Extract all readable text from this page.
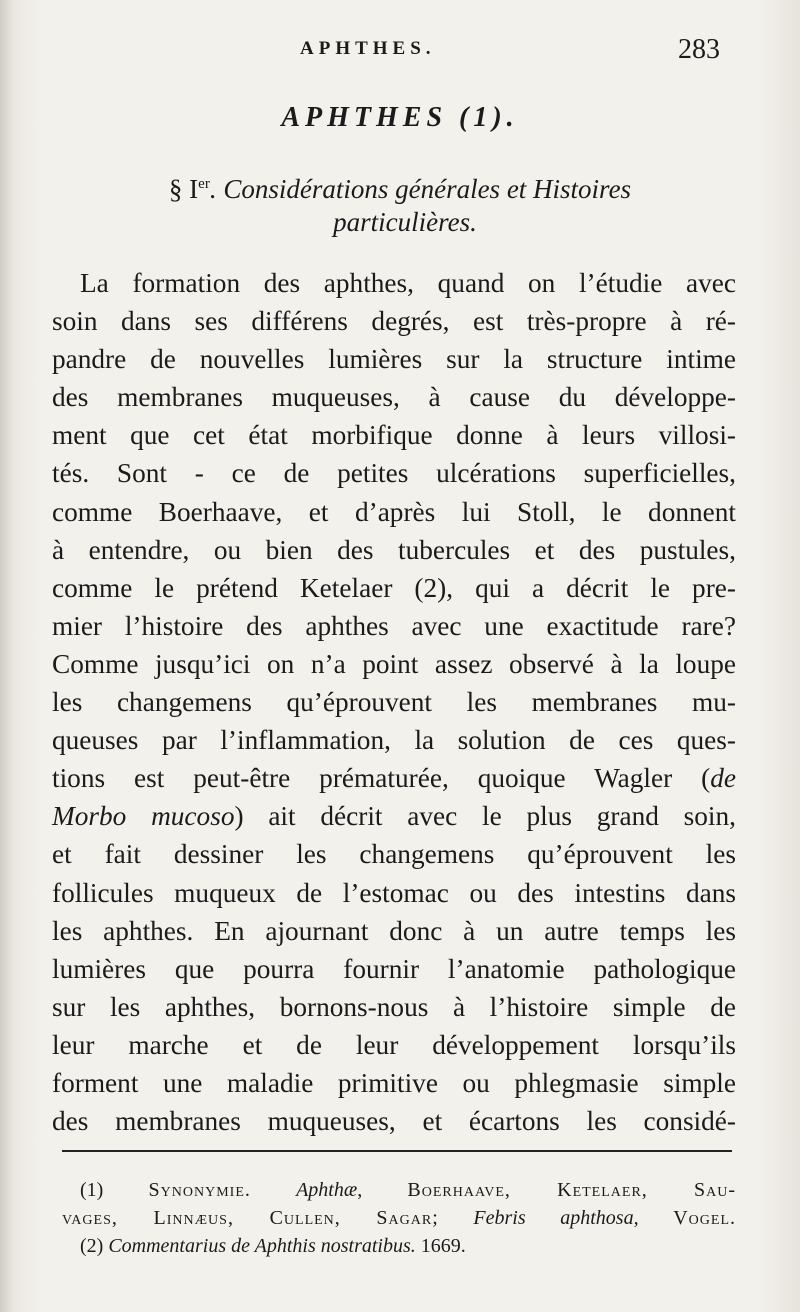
APHTHES.	283
APHTHES (1).
§ Ier. Considérations générales et Histoires
particulières.
La formation des aphthes, quand on l’étudie avec
soin dans ses différens degrés, est très-propre à ré-
pandre de nouvelles lumières sur la structure intime
des membranes muqueuses, à cause du développe-
ment que cet état morbifique donne à leurs villosi-
tés. Sont - ce de petites ulcérations superficielles,
comme Boerhaave, et d’après lui Stoll, le donnent
à entendre, ou bien des tubercules et des pustules,
comme le prétend Ketelaer (2), qui a décrit le pre-
mier l’histoire des aphthes avec une exactitude rare?
Comme jusqu’ici on n’a point assez observé à la loupe
les changemens qu’éprouvent les membranes mu-
queuses par l’inflammation, la solution de ces ques-
tions est peut-être prématurée, quoique Wagler (de
Morbo mucoso) ait décrit avec le plus grand soin,
et fait dessiner les changemens qu’éprouvent les
follicules muqueux de l’estomac ou des intestins dans
les aphthes. En ajournant donc à un autre temps les
lumières que pourra fournir l’anatomie pathologique
sur les aphthes, bornons-nous à l’histoire simple de
leur marche et de leur développement lorsqu’ils
forment une maladie primitive ou phlegmasie simple
des membranes muqueuses, et écartons les considé-
(1) Synonymie. Aphthæ, Boerhaave, Ketelaer, Sau-
vages, Linnæus, Cullen, Sagar; Febris aphthosa, Vogel.
(2) Commentarius de Aphthis nostratibus. 1669.
